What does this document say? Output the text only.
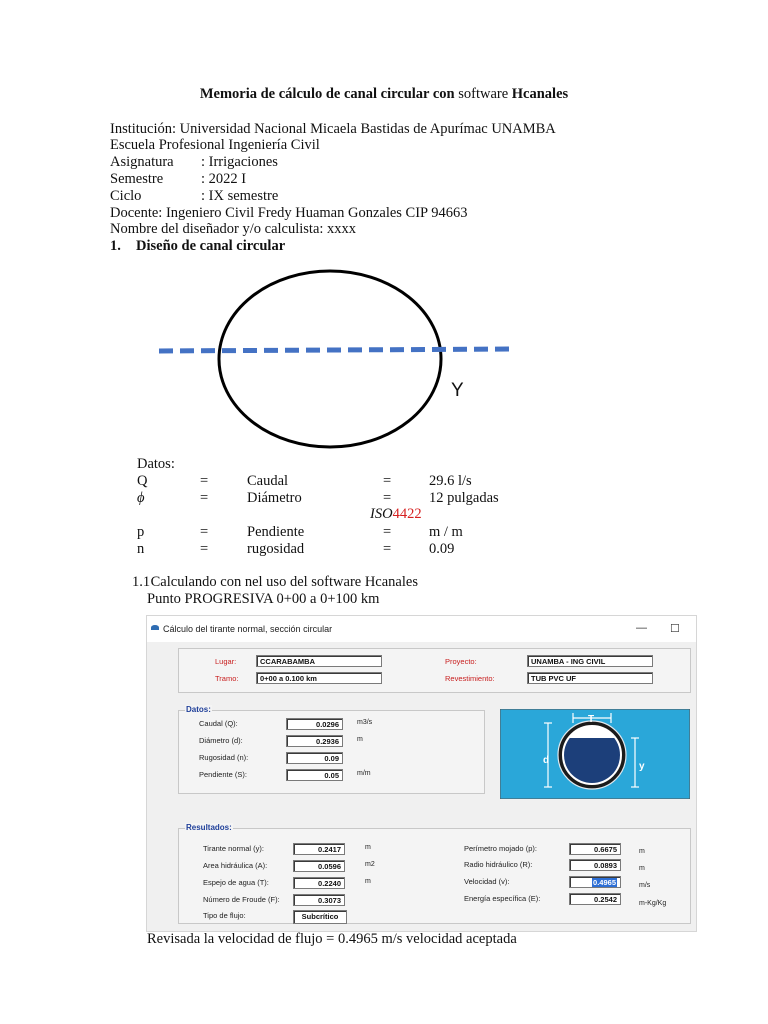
Memoria de cálculo de canal circular con software Hcanales
Institución: Universidad Nacional Micaela Bastidas de Apurímac UNAMBA
Escuela Profesional Ingeniería Civil
Asignatura : Irrigaciones
Semestre	: 2022 I
Ciclo	: IX semestre
Docente: Ingeniero Civil Fredy Huaman Gonzales CIP 94663
Nombre del diseñador y/o calculista: xxxx
1. Diseño de canal circular
Y
Datos:
Q	=	Caudal	=	29.6 l/s
ϕ	=	Diámetro	=	12 pulgadas
ISO4422
p	=	Pendiente	=	m / m
n	=	rugosidad	=	0.09
1.1 Calculando con nel uso del software Hcanales
Punto PROGRESIVA 0+00 a 0+100 km
Cálculo del tirante normal, sección circular	— ☐
Lugar:	CCARABAMBA
Tramo:	0+00 a 0.100 km
Proyecto:	UNAMBA - ING CIVIL
Revestimiento:	TUB PVC UF
Datos:
Caudal (Q):	0.0296	m3/s
Diámetro (d):	0.2936	m
Rugosidad (n):	0.09
Pendiente (S):	0.05	m/m
T
d
y
Resultados:
Tirante normal (y):	0.2417	m
Area hidráulica (A):	0.0596	m2
Espejo de agua (T):	0.2240	m
Número de Froude (F):	0.3073
Tipo de flujo:	Subcrítico
Perímetro mojado (p):	0.6675	m
Radio hidráulico (R):	0.0893	m
Velocidad (v):	0.4965	m/s
Energía específica (E):	0.2542	m-Kg/Kg
Revisada la velocidad de flujo = 0.4965 m/s velocidad aceptada
